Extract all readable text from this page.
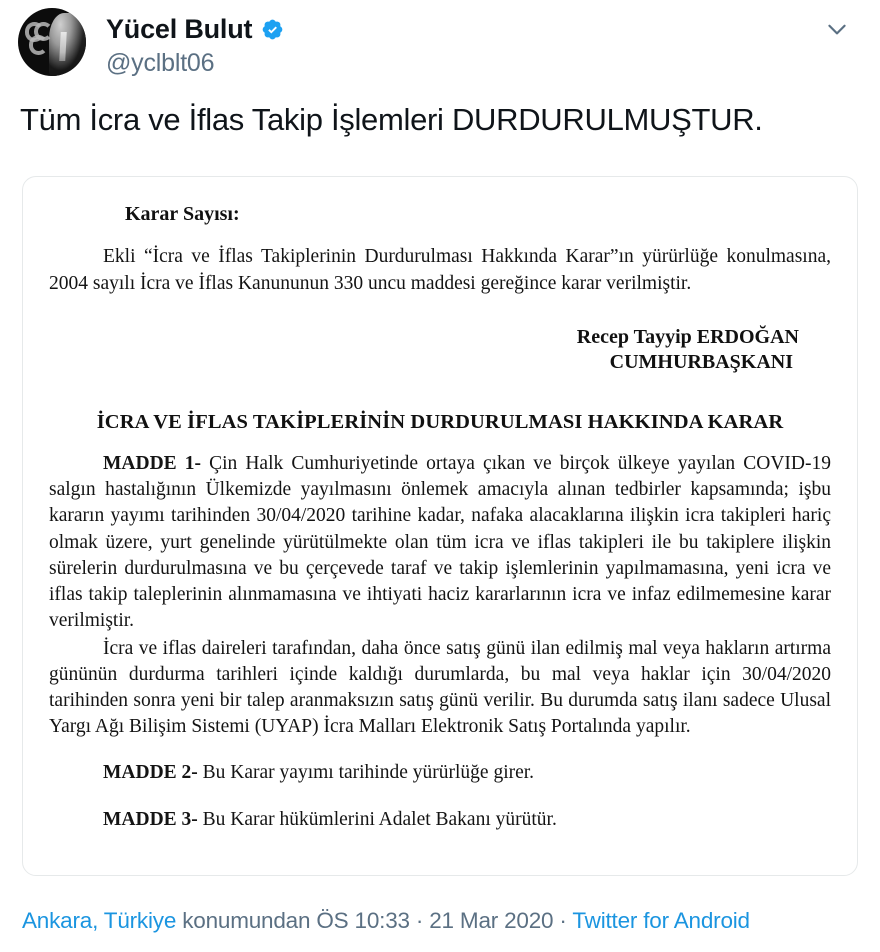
Yücel Bulut
@yclblt06
Tüm İcra ve İflas Takip İşlemleri DURDURULMUŞTUR.
Karar Sayısı:
Ekli “İcra ve İflas Takiplerinin Durdurulması Hakkında Karar”ın yürürlüğe konulmasına, 2004 sayılı İcra ve İflas Kanununun 330 uncu maddesi gereğince karar verilmiştir.
Recep Tayyip ERDOĞAN
CUMHURBAŞKANI
İCRA VE İFLAS TAKİPLERİNİN DURDURULMASI HAKKINDA KARAR
MADDE 1- Çin Halk Cumhuriyetinde ortaya çıkan ve birçok ülkeye yayılan COVID-19 salgın hastalığının Ülkemizde yayılmasını önlemek amacıyla alınan tedbirler kapsamında; işbu kararın yayımı tarihinden 30/04/2020 tarihine kadar, nafaka alacaklarına ilişkin icra takipleri hariç olmak üzere, yurt genelinde yürütülmekte olan tüm icra ve iflas takipleri ile bu takiplere ilişkin sürelerin durdurulmasına ve bu çerçevede taraf ve takip işlemlerinin yapılmamasına, yeni icra ve iflas takip taleplerinin alınmamasına ve ihtiyati haciz kararlarının icra ve infaz edilmemesine karar verilmiştir.
İcra ve iflas daireleri tarafından, daha önce satış günü ilan edilmiş mal veya hakların artırma gününün durdurma tarihleri içinde kaldığı durumlarda, bu mal veya haklar için 30/04/2020 tarihinden sonra yeni bir talep aranmaksızın satış günü verilir. Bu durumda satış ilanı sadece Ulusal Yargı Ağı Bilişim Sistemi (UYAP) İcra Malları Elektronik Satış Portalında yapılır.
MADDE 2- Bu Karar yayımı tarihinde yürürlüğe girer.
MADDE 3- Bu Karar hükümlerini Adalet Bakanı yürütür.
Ankara, Türkiye konumundan ÖS 10:33 · 21 Mar 2020 · Twitter for Android
